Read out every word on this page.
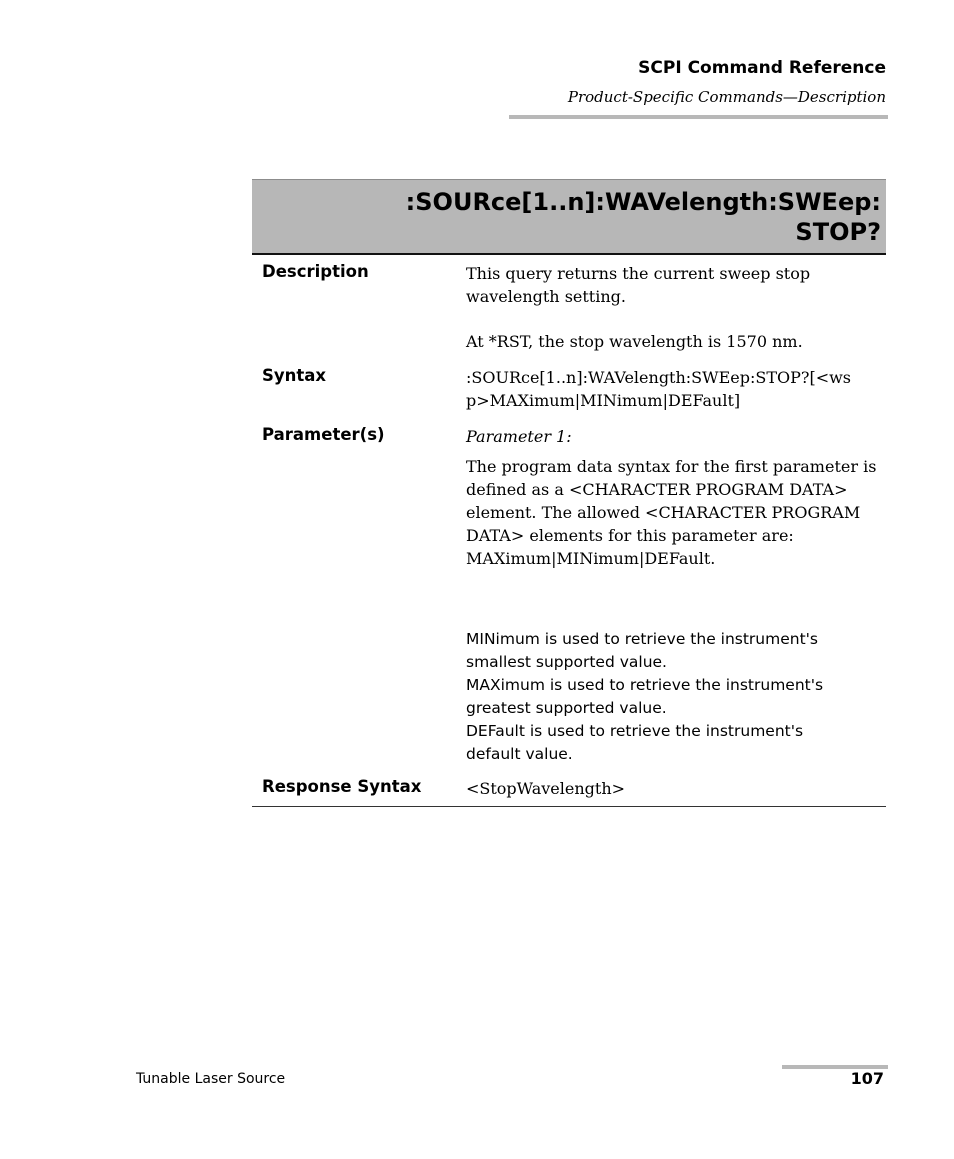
SCPI Command Reference
Product-Specific Commands—Description
:SOURce[1..n]:WAVelength:SWEep:
STOP?
Description	This query returns the current sweep stop
wavelength setting.
At *RST, the stop wavelength is 1570 nm.
Syntax	:SOURce[1..n]:WAVelength:SWEep:STOP?[<ws
p>MAXimum|MINimum|DEFault]
Parameter(s)	Parameter 1:
The program data syntax for the first parameter is
defined as a <CHARACTER PROGRAM DATA>
element. The allowed <CHARACTER PROGRAM
DATA> elements for this parameter are:
MAXimum|MINimum|DEFault.
MINimum is used to retrieve the instrument's
smallest supported value.
MAXimum is used to retrieve the instrument's
greatest supported value.
DEFault is used to retrieve the instrument's
default value.
Response Syntax	<StopWavelength>
Tunable Laser Source	107
